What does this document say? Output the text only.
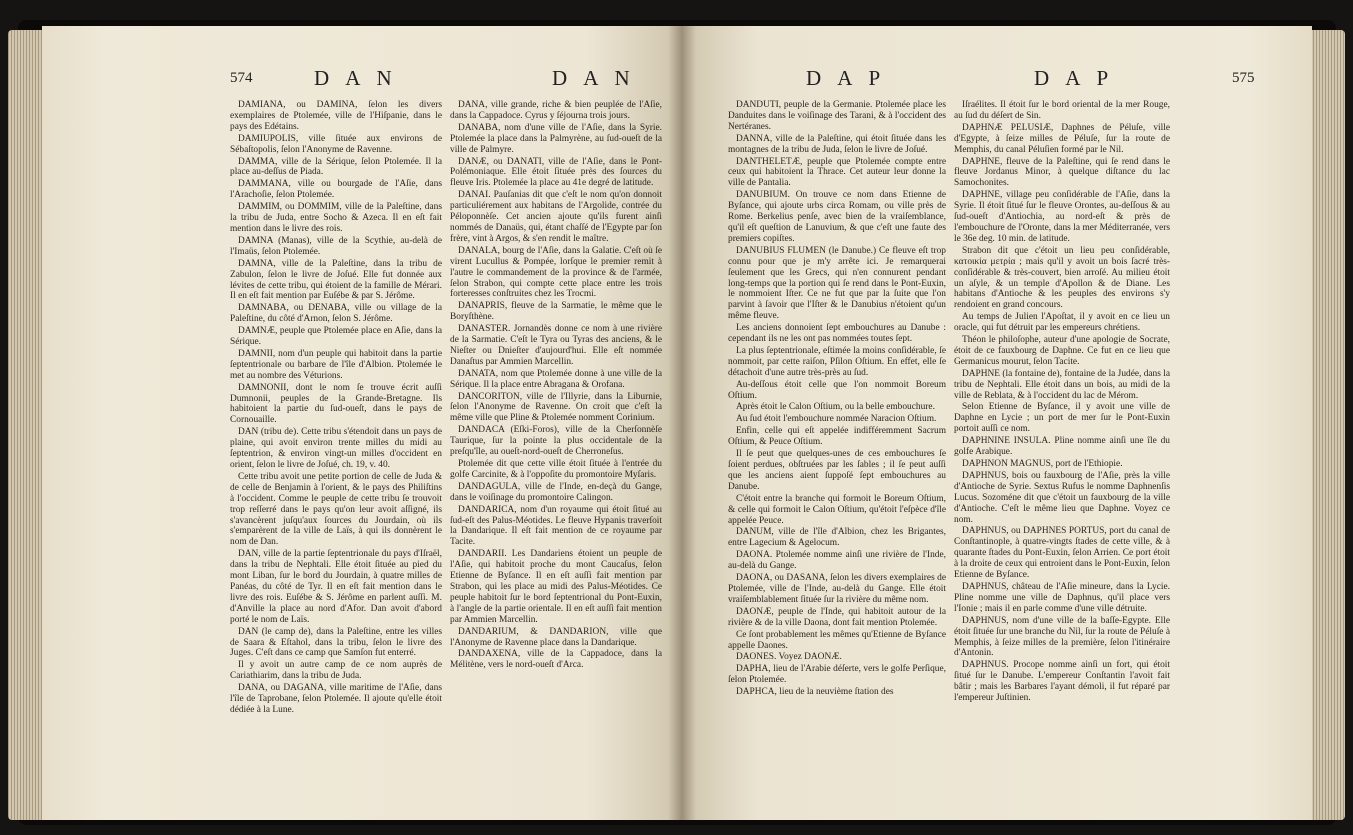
574	D A N	D A N

DAMIANA, ou DAMINA, ſelon les divers exemplaires de Ptolemée, ville de l'Hiſpanie, dans le pays des Edétains.

DAMIUPOLIS, ville ſituée aux environs de Sébaſtopolis, ſelon l'Anonyme de Ravenne.

DAMMA, ville de la Sérique, ſelon Ptolemée. Il la place au-deſſus de Piada.

DAMMANA, ville ou bourgade de l'Aſie, dans l'Arachoſie, ſelon Ptolemée.

DAMMIM, ou DOMMIM, ville de la Paleſtine, dans la tribu de Juda, entre Socho & Azeca. Il en eſt fait mention dans le livre des rois.

DAMNA (Manas), ville de la Scythie, au-delà de l'Imaüs, ſelon Ptolemée.

DAMNA, ville de la Paleſtine, dans la tribu de Zabulon, ſelon le livre de Joſué. Elle fut donnée aux lévites de cette tribu, qui étoient de la famille de Mérari. Il en eſt fait mention par Euſébe & par S. Jérôme.

DAMNABA, ou DENABA, ville ou village de la Paleſtine, du côté d'Arnon, ſelon S. Jérôme.

DAMNÆ, peuple que Ptolemée place en Aſie, dans la Sérique.

DAMNII, nom d'un peuple qui habitoit dans la partie ſeptentrionale ou barbare de l'île d'Albion. Ptolemée le met au nombre des Véturions.

DAMNONII, dont le nom ſe trouve écrit auſſi Dumnonii, peuples de la Grande-Bretagne. Ils habitoient la partie du ſud-oueſt, dans le pays de Cornouaille.

DAN (tribu de). Cette tribu s'étendoit dans un pays de plaine, qui avoit environ trente milles du midi au ſeptentrion, & environ vingt-un milles d'occident en orient, ſelon le livre de Joſué, ch. 19, v. 40.

Cette tribu avoit une petite portion de celle de Juda & de celle de Benjamin à l'orient, & le pays des Philiſtins à l'occident. Comme le peuple de cette tribu ſe trouvoit trop reſſerré dans le pays qu'on leur avoit aſſigné, ils s'avancèrent juſqu'aux ſources du Jourdain, où ils s'emparèrent de la ville de Laïs, à qui ils donnèrent le nom de Dan.

DAN, ville de la partie ſeptentrionale du pays d'Iſraël, dans la tribu de Nephtali. Elle étoit ſituée au pied du mont Liban, ſur le bord du Jourdain, à quatre milles de Panéas, du côté de Tyr. Il en eſt fait mention dans le livre des rois. Euſébe & S. Jérôme en parlent auſſi. M. d'Anville la place au nord d'Afor. Dan avoit d'abord porté le nom de Laïs.

DAN (le camp de), dans la Paleſtine, entre les villes de Saara & Eſtahol, dans la tribu, ſelon le livre des Juges. C'eſt dans ce camp que Samſon fut enterré.

Il y avoit un autre camp de ce nom auprès de Cariathiarim, dans la tribu de Juda.

DANA, ou DAGANA, ville maritime de l'Aſie, dans l'île de Taprobane, ſelon Ptolemée. Il ajoute qu'elle étoit dédiée à la Lune.

DANA, ville grande, riche & bien peuplée de l'Aſie, dans la Cappadoce. Cyrus y ſéjourna trois jours.

DANABA, nom d'une ville de l'Aſie, dans la Syrie. Ptolemée la place dans la Palmyrène, au ſud-oueſt de la ville de Palmyre.

DANÆ, ou DANATI, ville de l'Aſie, dans le Pont-Polémoniaque. Elle étoit ſituée près des ſources du fleuve Iris. Ptolemée la place au 41e degré de latitude.

DANAI. Pauſanias dit que c'eſt le nom qu'on donnoit particuliérement aux habitans de l'Argolide, contrée du Péloponnèſe. Cet ancien ajoute qu'ils furent ainſi nommés de Danaüs, qui, étant chaſſé de l'Egypte par ſon frère, vint à Argos, & s'en rendit le maître.

DANALA, bourg de l'Aſie, dans la Galatie. C'eſt où ſe virent Lucullus & Pompée, lorſque le premier remit à l'autre le commandement de la province & de l'armée, ſelon Strabon, qui compte cette place entre les trois forteresses conſtruites chez les Trocmi.

DANAPRIS, fleuve de la Sarmatie, le même que le Boryſthène.

DANASTER. Jornandès donne ce nom à une rivière de la Sarmatie. C'eſt le Tyra ou Tyras des anciens, & le Nieſter ou Dnieſter d'aujourd'hui. Elle eſt nommée Danaſtus par Ammien Marcellin.

DANATA, nom que Ptolemée donne à une ville de la Sérique. Il la place entre Abragana & Orofana.

DANCORITON, ville de l'Illyrie, dans la Liburnie, ſelon l'Anonyme de Ravenne. On croit que c'eſt la même ville que Pline & Ptolemée nomment Corinium.

DANDACA (Eſki-Foros), ville de la Cherſonnèſe Taurique, ſur la pointe la plus occidentale de la preſqu'île, au oueſt-nord-oueſt de Cherroneſus.

Ptolemée dit que cette ville étoit ſituée à l'entrée du golfe Carcinite, & à l'oppoſite du promontoire Myſaris.

DANDAGULA, ville de l'Inde, en-deçà du Gange, dans le voiſinage du promontoire Calingon.

DANDARICA, nom d'un royaume qui étoit ſitué au ſud-eſt des Palus-Méotides. Le fleuve Hypanis traverſoit la Dandarique. Il eſt fait mention de ce royaume par Tacite.

DANDARII. Les Dandariens étoient un peuple de l'Aſie, qui habitoit proche du mont Caucaſus, ſelon Etienne de Byſance. Il en eſt auſſi fait mention par Strabon, qui les place au midi des Palus-Méotides. Ce peuple habitoit ſur le bord ſeptentrional du Pont-Euxin, à l'angle de la partie orientale. Il en eſt auſſi fait mention par Ammien Marcellin.

DANDARIUM, & DANDARION, ville que l'Anonyme de Ravenne place dans la Dandarique.

DANDAXENA, ville de la Cappadoce, dans la Mélitène, vers le nord-oueſt d'Arca.

D A P	D A P	575

DANDUTI, peuple de la Germanie. Ptolemée place les Danduites dans le voiſinage des Tarani, & à l'occident des Nertéranes.

DANNA, ville de la Paleſtine, qui étoit ſituée dans les montagnes de la tribu de Juda, ſelon le livre de Joſué.

DANTHELETÆ, peuple que Ptolemée compte entre ceux qui habitoient la Thrace. Cet auteur leur donne la ville de Pantalia.

DANUBIUM. On trouve ce nom dans Etienne de Byſance, qui ajoute urbs circa Romam, ou ville près de Rome. Berkelius penſe, avec bien de la vraiſemblance, qu'il eſt queſtion de Lanuvium, & que c'eſt une faute des premiers copiſtes.

DANUBIUS FLUMEN (le Danube.) Ce fleuve eſt trop connu pour que je m'y arrête ici. Je remarquerai ſeulement que les Grecs, qui n'en connurent pendant long-temps que la portion qui ſe rend dans le Pont-Euxin, le nommoient Iſter. Ce ne fut que par la ſuite que l'on parvint à ſavoir que l'Iſter & le Danubius n'étoient qu'un même fleuve.

Les anciens donnoient ſept embouchures au Danube : cependant ils ne les ont pas nommées toutes ſept.

La plus ſeptentrionale, eſtimée la moins conſidérable, ſe nommoit, par cette raiſon, Pſilon Oſtium. En effet, elle ſe détachoit d'une autre très-près au ſud.

Au-deſſous étoit celle que l'on nommoit Boreum Oſtium.

Après étoit le Calon Oſtium, ou la belle embouchure.

Au ſud étoit l'embouchure nommée Naracion Oſtium.

Enfin, celle qui eſt appelée indifféremment Sacrum Oſtium, & Peuce Oſtium.

Il ſe peut que quelques-unes de ces embouchures ſe ſoient perdues, obſtruées par les ſables ; il ſe peut auſſi que les anciens aient ſuppoſé ſept embouchures au Danube.

C'étoit entre la branche qui formoit le Boreum Oſtium, & celle qui formoit le Calon Oſtium, qu'étoit l'eſpèce d'île appelée Peuce.

DANUM, ville de l'île d'Albion, chez les Brigantes, entre Lagecium & Agelocum.

DAONA. Ptolemée nomme ainſi une rivière de l'Inde, au-delà du Gange.

DAONA, ou DASANA, ſelon les divers exemplaires de Ptolemée, ville de l'Inde, au-delà du Gange. Elle étoit vraiſemblablement ſituée ſur la rivière du même nom.

DAONÆ, peuple de l'Inde, qui habitoit autour de la rivière & de la ville Daona, dont fait mention Ptolemée.

Ce ſont probablement les mêmes qu'Etienne de Byſance appelle Daones.

DAONES. Voyez DAONÆ.

DAPHA, lieu de l'Arabie déſerte, vers le golfe Perſique, ſelon Ptolemée.

DAPHCA, lieu de la neuvième ſtation des

Iſraélites. Il étoit ſur le bord oriental de la mer Rouge, au ſud du déſert de Sin.

DAPHNÆ PELUSIÆ, Daphnes de Péluſe, ville d'Egypte, à ſeize milles de Péluſe, ſur la route de Memphis, du canal Péluſien formé par le Nil.

DAPHNE, fleuve de la Paleſtine, qui ſe rend dans le fleuve Jordanus Minor, à quelque diſtance du lac Samochonites.

DAPHNE, village peu conſidérable de l'Aſie, dans la Syrie. Il étoit ſitué ſur le fleuve Orontes, au-deſſous & au ſud-oueſt d'Antiochia, au nord-eſt & près de l'embouchure de l'Oronte, dans la mer Méditerranée, vers le 36e deg. 10 min. de latitude.

Strabon dit que c'étoit un lieu peu conſidérable, κατοικία μετρία ; mais qu'il y avoit un bois ſacré très-conſidérable & très-couvert, bien arroſé. Au milieu étoit un aſyle, & un temple d'Apollon & de Diane. Les habitans d'Antioche & les peuples des environs s'y rendoient en grand concours.

Au temps de Julien l'Apoſtat, il y avoit en ce lieu un oracle, qui fut détruit par les empereurs chrétiens.

Théon le philoſophe, auteur d'une apologie de Socrate, étoit de ce fauxbourg de Daphne. Ce fut en ce lieu que Germanicus mourut, ſelon Tacite.

DAPHNE (la fontaine de), fontaine de la Judée, dans la tribu de Nephtali. Elle étoit dans un bois, au midi de la ville de Reblata, & à l'occident du lac de Mérom.

Selon Etienne de Byſance, il y avoit une ville de Daphne en Lycie ; un port de mer ſur le Pont-Euxin portoit auſſi ce nom.

DAPHNINE INSULA. Pline nomme ainſi une île du golfe Arabique.

DAPHNON MAGNUS, port de l'Ethiopie.

DAPHNUS, bois ou fauxbourg de l'Aſie, près la ville d'Antioche de Syrie. Sextus Rufus le nomme Daphnenſis Lucus. Sozoméne dit que c'étoit un fauxbourg de la ville d'Antioche. C'eſt le même lieu que Daphne. Voyez ce nom.

DAPHNUS, ou DAPHNES PORTUS, port du canal de Conſtantinople, à quatre-vingts ſtades de cette ville, & à quarante ſtades du Pont-Euxin, ſelon Arrien. Ce port étoit à la droite de ceux qui entroient dans le Pont-Euxin, ſelon Etienne de Byſance.

DAPHNUS, château de l'Aſie mineure, dans la Lycie. Pline nomme une ville de Daphnus, qu'il place vers l'Ionie ; mais il en parle comme d'une ville détruite.

DAPHNUS, nom d'une ville de la baſſe-Egypte. Elle étoit ſituée ſur une branche du Nil, ſur la route de Péluſe à Memphis, à ſeize milles de la première, ſelon l'itinéraire d'Antonin.

DAPHNUS. Procope nomme ainſi un fort, qui étoit ſitué ſur le Danube. L'empereur Conſtantin l'avoit fait bâtir ; mais les Barbares l'ayant démoli, il fut réparé par l'empereur Juſtinien.
